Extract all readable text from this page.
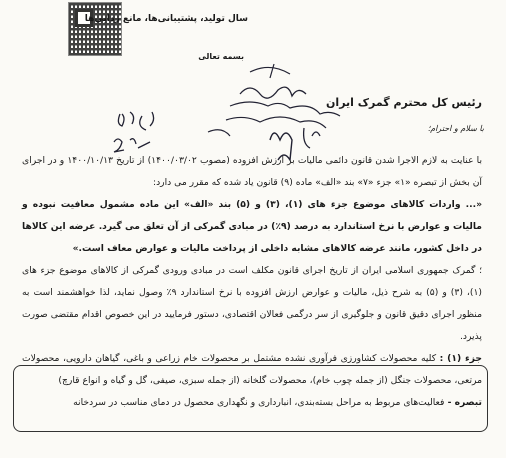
سال تولید، پشتیبانی‌ها، مانع زدایی‌ها
بسمه تعالی
رئیس کل محترم گمرک ایران
با سلام و احترام؛

با عنایت به لازم الاجرا شدن قانون دائمی مالیات بر ارزش افزوده (مصوب ۱۴۰۰/۰۳/۰۲) از تاریخ ۱۴۰۰/۱۰/۱۳ و در اجرای آن بخش از تبصره «۱» جزء «۷» بند «الف» ماده (۹) قانون یاد شده که مقرر می دارد:

«... واردات کالاهای موضوع جزء های (۱)، (۳) و (۵) بند «الف» این ماده مشمول معافیت نبوده و مالیات و عوارض با نرخ استاندارد به درصد (۹٪) در مبادی گمرکی از آن تعلق می گیرد. عرضه این کالاها در داخل کشور، مانند عرضه کالاهای مشابه داخلی از پرداخت مالیات و عوارض معاف است.»

؛ گمرک جمهوری اسلامی ایران از تاریخ اجرای قانون مکلف است در مبادی ورودی گمرکی از کالاهای موضوع جزء های (۱)، (۳) و (۵) به شرح ذیل، مالیات و عوارض ارزش افزوده با نرخ استاندارد ۹٪ وصول نماید، لذا خواهشمند است به منظور اجرای دقیق قانون و جلوگیری از سر درگمی فعالان اقتصادی، دستور فرمایید در این خصوص اقدام مقتضی صورت پذیرد.

جزء (۱) : کلیه محصولات کشاورزی فرآوری نشده مشتمل بر محصولات خام زراعی و باغی، گیاهان دارویی، محصولات مرتعی، محصولات جنگل (از جمله چوب خام)، محصولات گلخانه (از جمله سبزی، صیفی، گل و گیاه و انواع قارچ)

تبصره - فعالیت‌های مربوط به مراحل بسته‌بندی، انبارداری و نگهداری محصول در دمای مناسب در سردخانه
